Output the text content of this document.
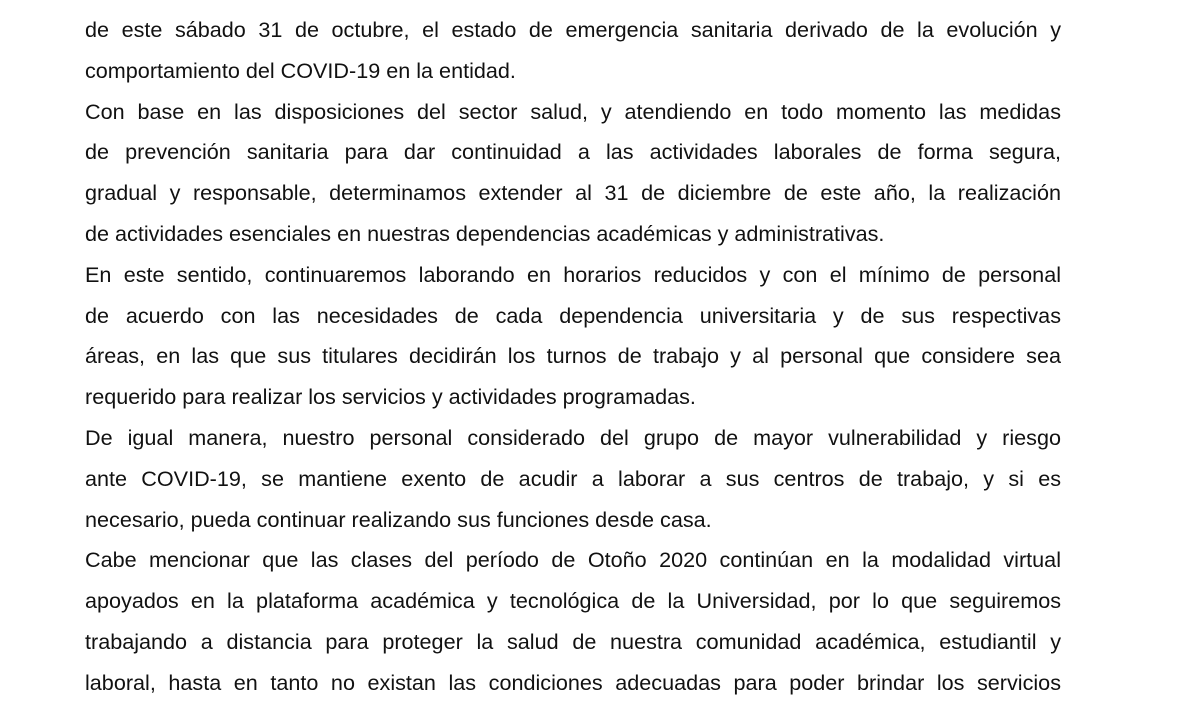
de este sábado 31 de octubre, el estado de emergencia sanitaria derivado de la evolución y
comportamiento del COVID-19 en la entidad.
Con base en las disposiciones del sector salud, y atendiendo en todo momento las medidas
de prevención sanitaria para dar continuidad a las actividades laborales de forma segura,
gradual y responsable, determinamos extender al 31 de diciembre de este año, la realización
de actividades esenciales en nuestras dependencias académicas y administrativas.
En este sentido, continuaremos laborando en horarios reducidos y con el mínimo de personal
de acuerdo con las necesidades de cada dependencia universitaria y de sus respectivas
áreas, en las que sus titulares decidirán los turnos de trabajo y al personal que considere sea
requerido para realizar los servicios y actividades programadas.
De igual manera, nuestro personal considerado del grupo de mayor vulnerabilidad y riesgo
ante COVID-19, se mantiene exento de acudir a laborar a sus centros de trabajo, y si es
necesario, pueda continuar realizando sus funciones desde casa.
Cabe mencionar que las clases del período de Otoño 2020 continúan en la modalidad virtual
apoyados en la plataforma académica y tecnológica de la Universidad, por lo que seguiremos
trabajando a distancia para proteger la salud de nuestra comunidad académica, estudiantil y
laboral, hasta en tanto no existan las condiciones adecuadas para poder brindar los servicios
